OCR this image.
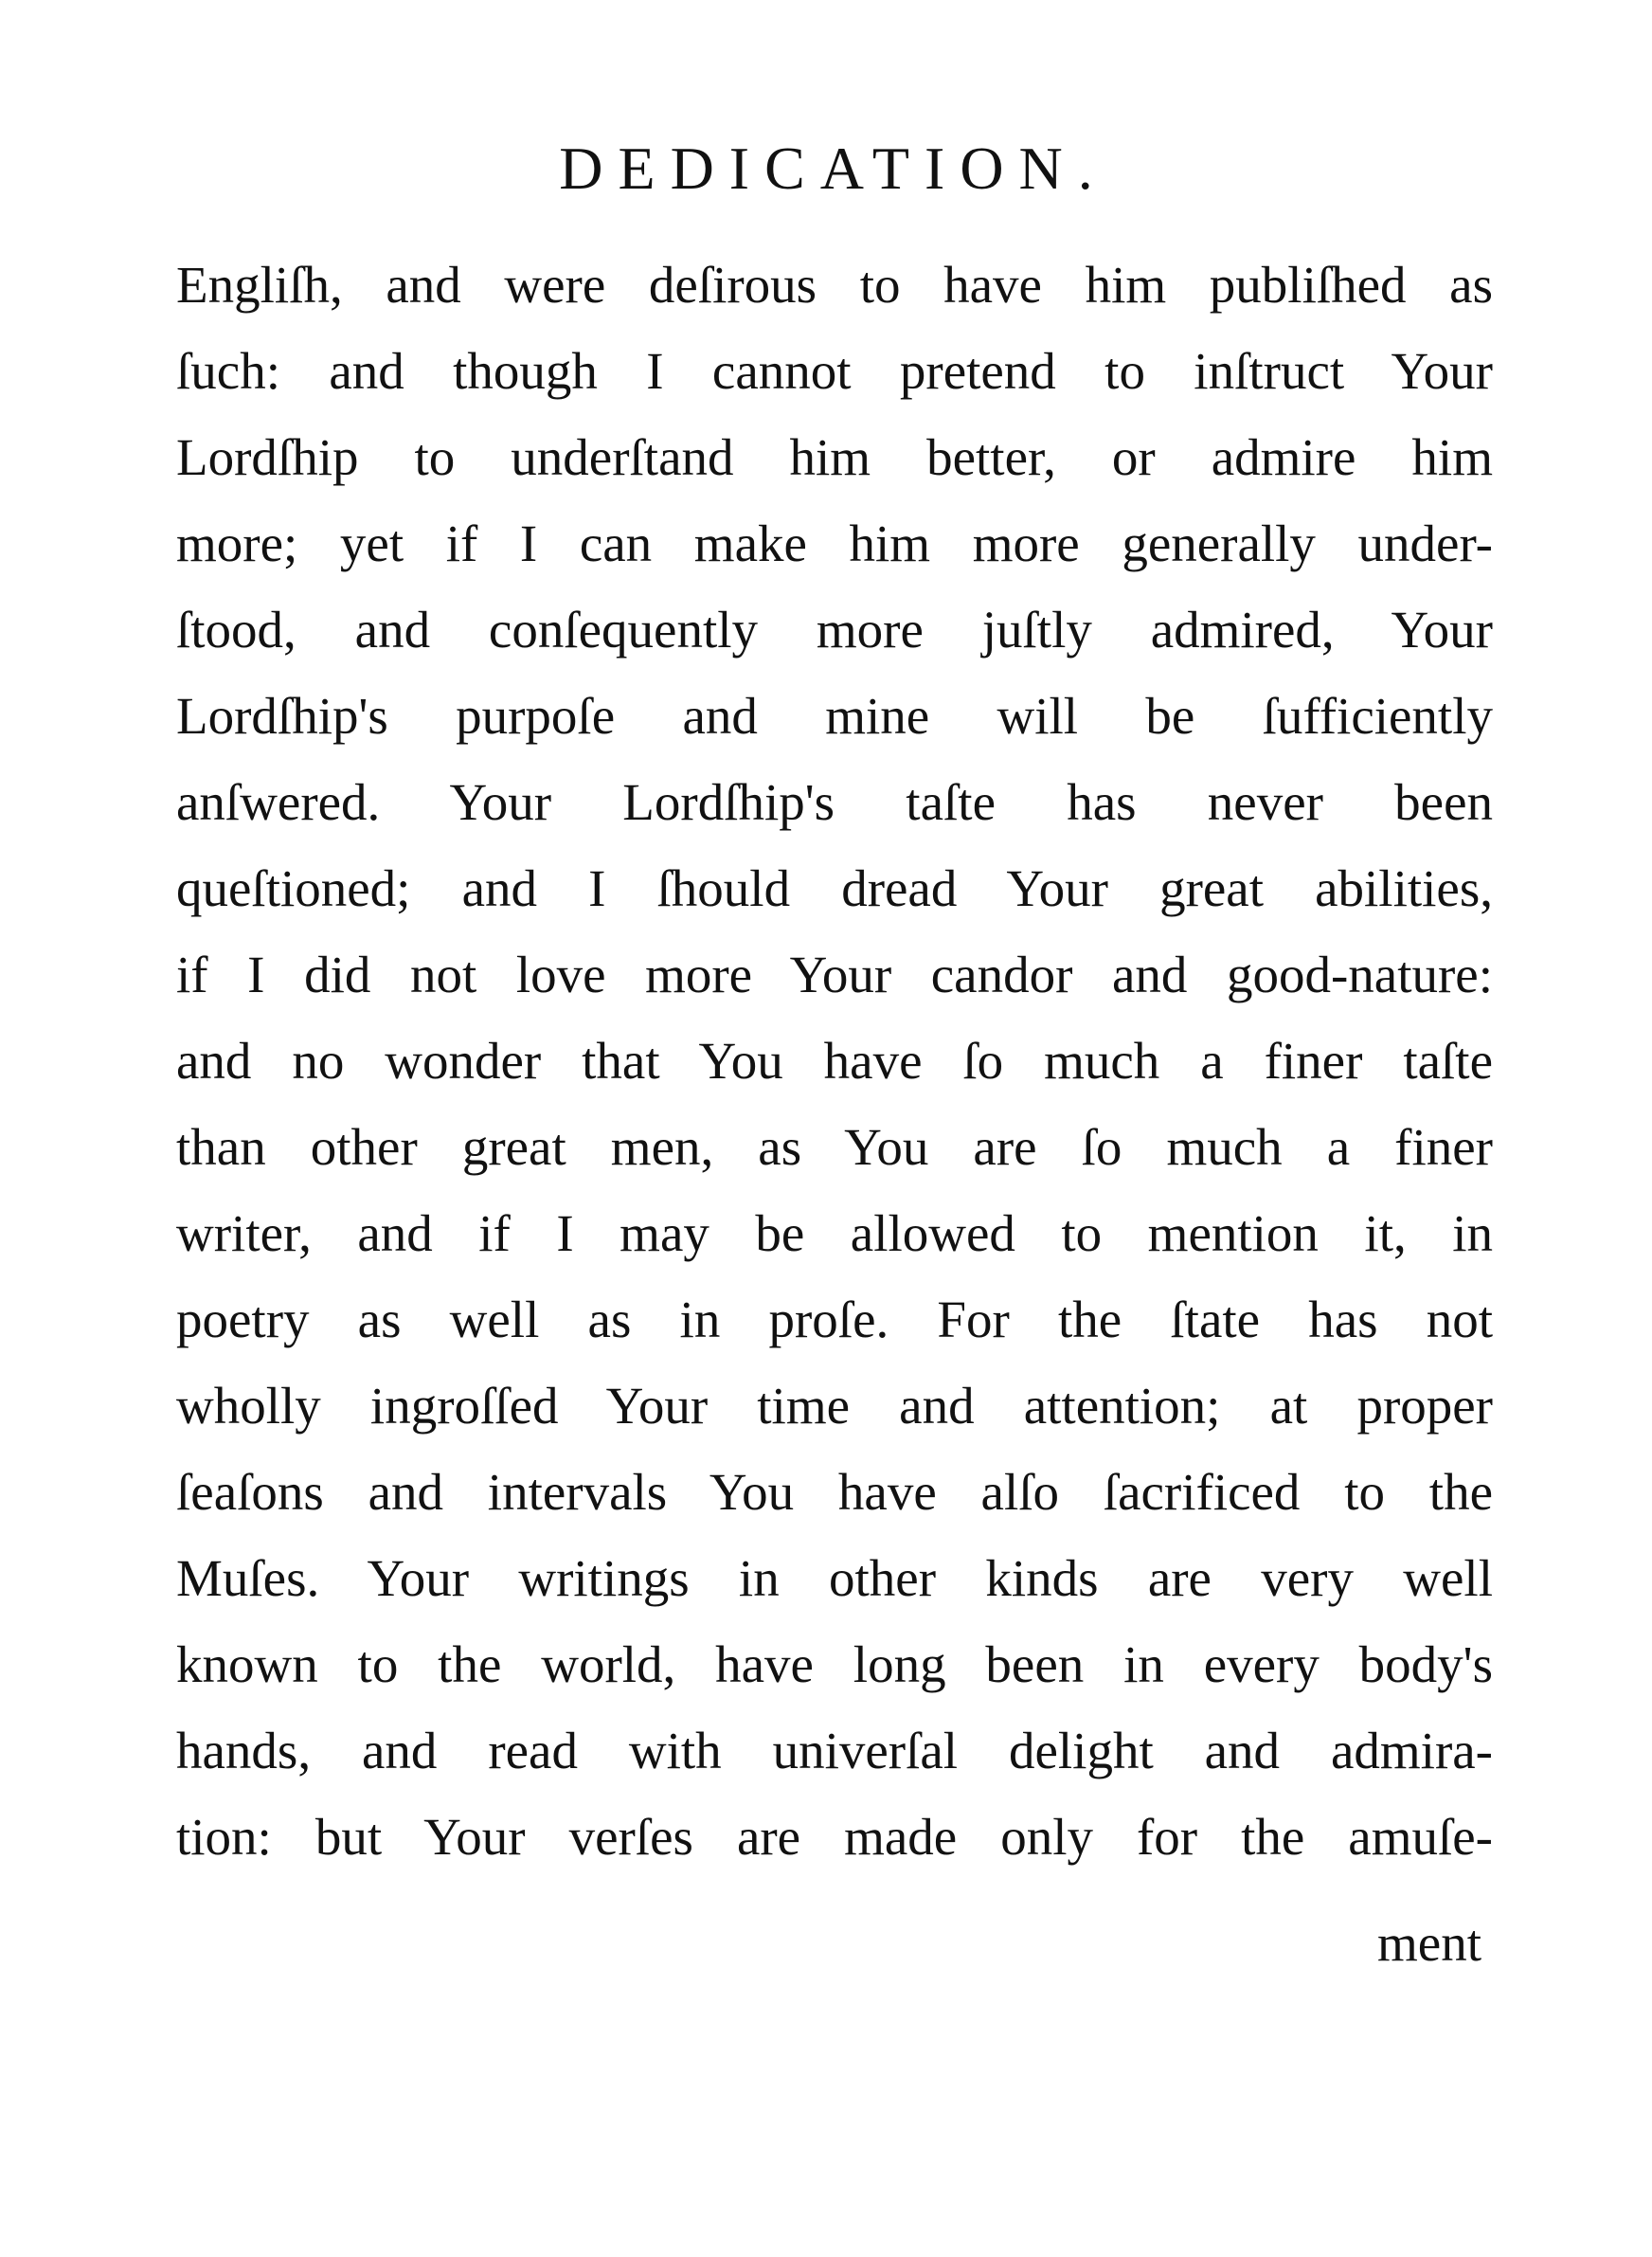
DEDICATION.
Engliſh, and were deſirous to have him publiſhed as
ſuch: and though I cannot pretend to inſtruct Your
Lordſhip to underſtand him better, or admire him
more; yet if I can make him more generally under-
ſtood, and conſequently more juſtly admired, Your
Lordſhip's purpoſe and mine will be ſufficiently
anſwered. Your Lordſhip's taſte has never been
queſtioned; and I ſhould dread Your great abilities,
if I did not love more Your candor and good-nature:
and no wonder that You have ſo much a finer taſte
than other great men, as You are ſo much a finer
writer, and if I may be allowed to mention it, in
poetry as well as in proſe. For the ſtate has not
wholly ingroſſed Your time and attention; at proper
ſeaſons and intervals You have alſo ſacrificed to the
Muſes. Your writings in other kinds are very well
known to the world, have long been in every body's
hands, and read with univerſal delight and admira-
tion: but Your verſes are made only for the amuſe-
ment
